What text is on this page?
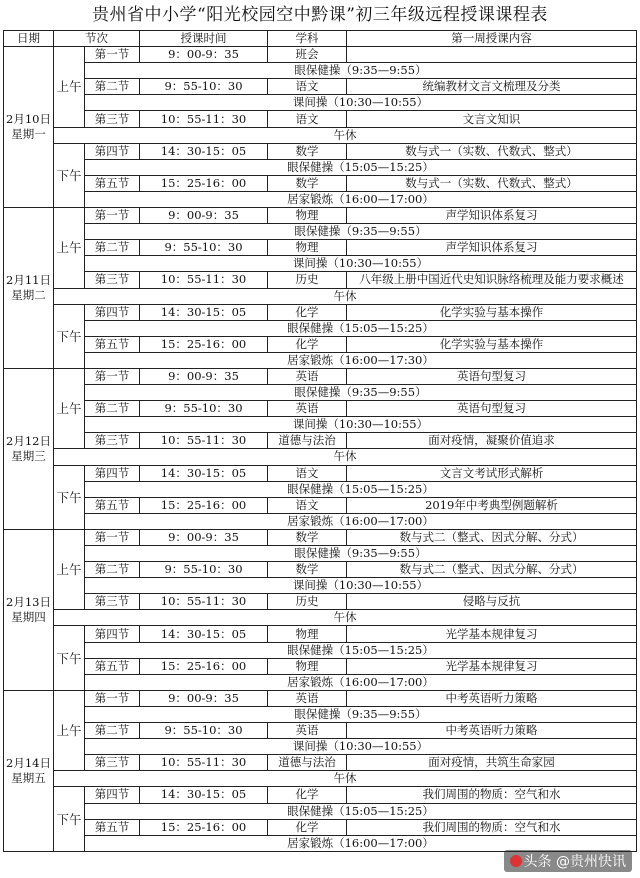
贵州省中小学“阳光校园空中黔课”初三年级远程授课课程表
日期	节次		授课时间	学科	第一周授课内容

2月10日
星期一	上午	第一节	9：00-9：35	班会	
		眼保健操（9:35—9:55）			
		第二节	9：55-10：30	语文	统编教材文言文梳理及分类
		课间操（10:30—10:55）			
		第三节	10：55-11：30	语文	文言文知识
	午休				

	下午	第四节	14：30-15：05	数学	数与式一（实数、代数式、整式）
		眼保健操（15:05—15:25）			
		第五节	15：25-16：00	数学	数与式一（实数、代数式、整式）
		居家锻炼（16:00—17:00）			

2月11日
星期二	上午	第一节	9：00-9：35	物理	声学知识体系复习
		眼保健操（9:35—9:55）			
		第二节	9：55-10：30	物理	声学知识体系复习
		课间操（10:30—10:55）			
		第三节	10：55-11：30	历史	八年级上册中国近代史知识脉络梳理及能力要求概述
	午休				

	下午	第四节	14：30-15：05	化学	化学实验与基本操作
		眼保健操（15:05—15:25）			
		第五节	15：25-16：00	化学	化学实验与基本操作
		居家锻炼（16:00—17:30）			

2月12日
星期三	上午	第一节	9：00-9：35	英语	英语句型复习
		眼保健操（9:35—9:55）			
		第二节	9：55-10：30	英语	英语句型复习
		课间操（10:30—10:55）			
		第三节	10：55-11：30	道德与法治	面对疫情，凝聚价值追求
	午休				

	下午	第四节	14：30-15：05	语文	文言文考试形式解析
		眼保健操（15:05—15:25）			
		第五节	15：25-16：00	语文	2019年中考典型例题解析
		居家锻炼（16:00—17:00）			

2月13日
星期四	上午	第一节	9：00-9：35	数学	数与式二（整式、因式分解、分式）
		眼保健操（9:35—9:55）			
		第二节	9：55-10：30	数学	数与式二（整式、因式分解、分式）
		课间操（10:30—10:55）			
		第三节	10：55-11：30	历史	侵略与反抗
	午休				

	下午	第四节	14：30-15：05	物理	光学基本规律复习
		眼保健操（15:05—15:25）			
		第五节	15：25-16：00	物理	光学基本规律复习
		居家锻炼（16:00—17:00）			

2月14日
星期五	上午	第一节	9：00-9：35	英语	中考英语听力策略
		眼保健操（9:35—9:55）			
		第二节	9：55-10：30	英语	中考英语听力策略
		课间操（10:30—10:55）			
		第三节	10：55-11：30	道德与法治	面对疫情，共筑生命家园
	午休				

	下午	第四节	14：30-15：05	化学	我们周围的物质：空气和水
		眼保健操（15:05—15:25）			
		第五节	15：25-16：00	化学	我们周围的物质：空气和水
		居家锻炼（16:00—17:00）			
头条 @贵州快讯
